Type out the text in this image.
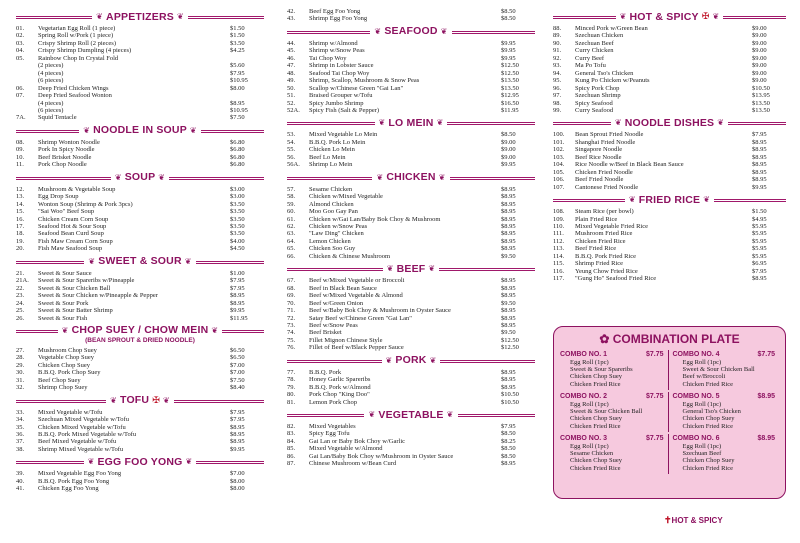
❦ APPETIZERS ❦
01.	Vegetarian Egg Roll (1 piece)	$1.50
02.	Spring Roll w/Pork (1 piece)	$1.50
03.	Crispy Shrimp Roll (2 pieces)	$3.50
04.	Crispy Shrimp Dumpling (4 pieces)	$4.25
05.	Rainbow Chop In Crystal Fold
(2 pieces)	$5.60
(4 pieces)	$7.95
(6 pieces)	$10.95
06.	Deep Fried Chicken Wings	$8.00
07.	Deep Fried Seafood Wonton
(4 pieces)	$8.95
(6 pieces)	$10.95
7A.	Squid Tentacle	$7.50
❦ NOODLE IN SOUP ❦
08.	Shrimp Wonton Noodle	$6.80
09.	Pork In Spicy Noodle	$6.80
10.	Beef Brisket Noodle	$6.80
11.	Pork Chop Noodle	$6.80
❦ SOUP ❦
12.	Mushroom & Vegetable Soup	$3.00
13.	Egg Drop Soup	$3.00
14.	Wonton Soup (Shrimp & Pork 3pcs)	$3.50
15.	"Sai Woo" Beef Soup	$3.50
16.	Chicken Cream Corn Soup	$3.50
17.	Seafood Hot & Sour Soup	$3.50
18.	Seafood Bean Curd Soup	$3.50
19.	Fish Maw Cream Corn Soup	$4.00
20.	Fish Maw Seafood Soup	$4.50
❦ SWEET & SOUR ❦
21.	Sweet & Sour Sauce	$1.00
21A.	Sweet & Sour Spareribs w/Pineapple	$7.95
22.	Sweet & Sour Chicken Ball	$7.95
23.	Sweet & Sour Chicken w/Pineapple & Pepper	$8.95
24.	Sweet & Sour Pork	$8.95
25.	Sweet & Sour Batter Shrimp	$9.95
26.	Sweet & Sour Fish	$11.95
❦ CHOP SUEY / CHOW MEIN ❦
(BEAN SPROUT & DRIED NOODLE)
27.	Mushroom Chop Suey	$6.50
28.	Vegetable Chop Suey	$6.50
29.	Chicken Chop Suey	$7.00
30.	B.B.Q. Pork Chop Suey	$7.00
31.	Beef Chop Suey	$7.50
32.	Shrimp Chop Suey	$8.40
❦ TOFU ✠ ❦
33.	Mixed Vegetable w/Tofu	$7.95
34.	Szechuan Mixed Vegetable w/Tofu	$7.95
35.	Chicken Mixed Vegetable w/Tofu	$8.95
36.	B.B.Q. Pork Mixed Vegetable w/Tofu	$8.95
37.	Beef Mixed Vegetable w/Tofu	$8.95
38.	Shrimp Mixed Vegetable w/Tofu	$9.95
❦ EGG FOO YONG ❦
39.	Mixed Vegetable Egg Foo Yong	$7.00
40.	B.B.Q. Pork Egg Foo Yong	$8.00
41.	Chicken Egg Foo Yong	$8.00
42.	Beef Egg Foo Yong	$8.50
43.	Shrimp Egg Foo Yong	$8.50
❦ SEAFOOD ❦
44.	Shrimp w/Almond	$9.95
45.	Shrimp w/Snow Peas	$9.95
46.	Tai Chop Woy	$9.95
47.	Shrimp in Lobster Sauce	$12.50
48.	Seafood Tai Chop Woy	$12.50
49.	Shrimp, Scallop, Mushroom & Snow Peas	$13.50
50.	Scallop w/Chinese Green "Gai Lan"	$13.50
51.	Braised Grouper w/Tofu	$12.95
52.	Spicy Jumbo Shrimp	$16.50
52A.	Spicy Fish (Salt & Pepper)	$11.95
❦ LO MEIN ❦
53.	Mixed Vegetable Lo Mein	$8.50
54.	B.B.Q. Pork Lo Mein	$9.00
55.	Chicken Lo Mein	$9.00
56.	Beef Lo Mein	$9.00
56A.	Shrimp Lo Mein	$9.95
❦ CHICKEN ❦
57.	Sesame Chicken	$8.95
58.	Chicken w/Mixed Vegetable	$8.95
59.	Almond Chicken	$8.95
60.	Moo Goo Gay Pan	$8.95
61.	Chicken w/Gai Lan/Baby Bok Choy & Mushroom	$8.95
62.	Chicken w/Snow Peas	$8.95
63.	"Law Ding" Chicken	$8.95
64.	Lemon Chicken	$8.95
65.	Chicken Soo Guy	$8.95
66.	Chicken & Chinese Mushroom	$9.50
❦ BEEF ❦
67.	Beef w/Mixed Vegetable or Broccoli	$8.95
68.	Beef in Black Bean Sauce	$8.95
69.	Beef w/Mixed Vegetable & Almond	$8.95
70.	Beef w/Green Onion	$9.50
71.	Beef w/Baby Bok Choy & Mushroom in Oyster Sauce	$8.95
72.	Satay Beef w/Chinese Green "Gai Lan"	$8.95
73.	Beef w/Snow Peas	$8.95
74.	Beef Brisket	$9.50
75.	Fillet Mignon Chinese Style	$12.50
76.	Fillet of Beef w/Black Pepper Sauce	$12.50
❦ PORK ❦
77.	B.B.Q. Pork	$8.95
78.	Honey Garlic Spareribs	$8.95
79.	B.B.Q. Pork w/Almond	$8.95
80.	Pork Chop "King Doo"	$10.50
81.	Lemon Pork Chop	$10.50
❦ VEGETABLE ❦
82.	Mixed Vegetables	$7.95
83.	Spicy Egg Tofu	$8.50
84.	Gai Lan or Baby Bok Choy w/Garlic	$8.25
85.	Mixed Vegetable w/Almond	$8.50
86.	Gai Lan/Baby Bok Choy w/Mushroom in Oyster Sauce	$8.50
87.	Chinese Mushroom w/Bean Curd	$8.95
❦ HOT & SPICY ✠ ❦
88.	Minced Pork w/Green Bean	$9.00
89.	Szechuan Chicken	$9.00
90.	Szechuan Beef	$9.00
91.	Curry Chicken	$9.00
92.	Curry Beef	$9.00
93.	Ma Po Tofu	$9.00
94.	General Tso's Chicken	$9.00
95.	Kung Po Chicken w/Peanuts	$9.00
96.	Spicy Pork Chop	$10.50
97.	Szechuan Shrimp	$13.95
98.	Spicy Seafood	$13.50
99.	Curry Seafood	$13.50
❦ NOODLE DISHES ❦
100.	Bean Sprout Fried Noodle	$7.95
101.	Shanghai Fried Noodle	$8.95
102.	Singapore Noodle	$8.95
103.	Beef Rice Noodle	$8.95
104.	Rice Noodle w/Beef in Black Bean Sauce	$8.95
105.	Chicken Fried Noodle	$8.95
106.	Beef Fried Noodle	$8.95
107.	Cantonese Fried Noodle	$9.95
❦ FRIED RICE ❦
108.	Steam Rice (per bowl)	$1.50
109.	Plain Fried Rice	$4.95
110.	Mixed Vegetable Fried Rice	$5.95
111.	Mushroom Fried Rice	$5.95
112.	Chicken Fried Rice	$5.95
113.	Beef Fried Rice	$5.95
114.	B.B.Q. Pork Fried Rice	$5.95
115.	Shrimp Fried Rice	$6.95
116.	Yeung Chow Fried Rice	$7.95
117.	"Gung Ho" Seafood Fried Rice	$8.95
✿ COMBINATION PLATE
COMBO NO. 1	$7.75
Egg Roll (1pc)
Sweet & Sour Spareribs
Chicken Chop Suey
Chicken Fried Rice
COMBO NO. 4	$7.75
Egg Roll (1pc)
Sweet & Sour Chicken Ball
Beef w/Broccoli
Chicken Fried Rice
COMBO NO. 2	$7.75
Egg Roll (1pc)
Sweet & Sour Chicken Ball
Chicken Chop Suey
Chicken Fried Rice
COMBO NO. 5	$8.95
Egg Roll (1pc)
General Tso's Chicken
Chicken Chop Suey
Chicken Fried Rice
COMBO NO. 3	$7.75
Egg Roll (1pc)
Sesame Chicken
Chicken Chop Suey
Chicken Fried Rice
COMBO NO. 6	$8.95
Egg Roll (1pc)
Szechuan Beef
Chicken Chop Suey
Chicken Fried Rice
✝HOT & SPICY
